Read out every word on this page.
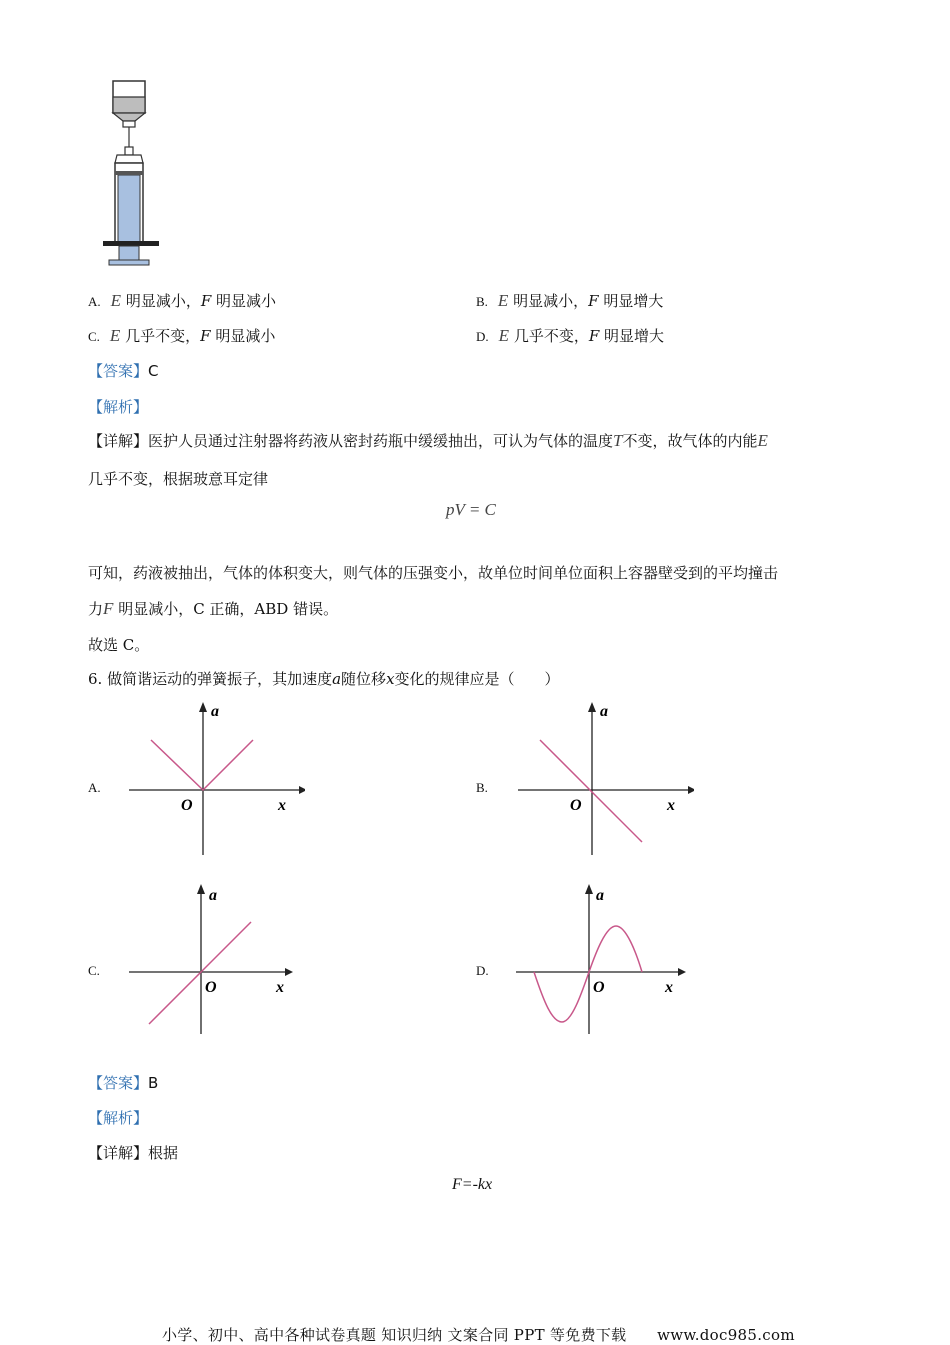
A. E 明显减小，F 明显减小	B. E 明显减小，F 明显增大
C. E 几乎不变，F 明显减小	D. E 几乎不变，F 明显增大
【答案】C
【解析】
【详解】医护人员通过注射器将药液从密封药瓶中缓缓抽出，可认为气体的温度T不变，故气体的内能E
几乎不变，根据玻意耳定律
pV = C
可知，药液被抽出，气体的体积变大，则气体的压强变小，故单位时间单位面积上容器壁受到的平均撞击
力F 明显减小，C 正确，ABD 错误。
故选 C。
6. 做简谐运动的弹簧振子，其加速度a随位移x变化的规律应是（　　）
A.
a
x
O
B.
a
x
O
C.
a
x
O
D.
a
x
O
【答案】B
【解析】
【详解】根据
F=-kx
小学、初中、高中各种试卷真题 知识归纳 文案合同 PPT 等免费下载　　www.doc985.com
